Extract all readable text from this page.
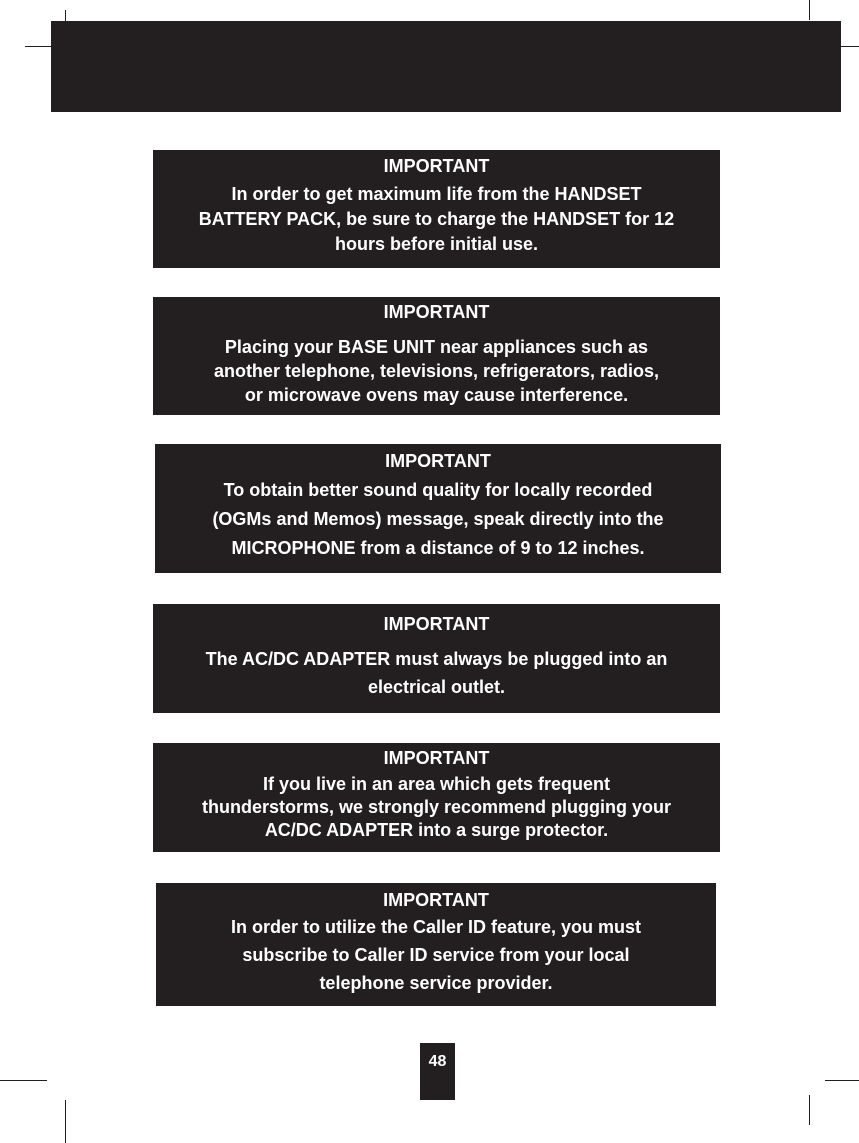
IMPORTANT
In order to get maximum life from the HANDSET
BATTERY PACK, be sure to charge the HANDSET for 12
hours before initial use.
IMPORTANT
Placing your BASE UNIT near appliances such as
another telephone, televisions, refrigerators, radios,
or microwave ovens may cause interference.
IMPORTANT
To obtain better sound quality for locally recorded
(OGMs and Memos) message, speak directly into the
MICROPHONE from a distance of 9 to 12 inches.
IMPORTANT
The AC/DC ADAPTER must always be plugged into an
electrical outlet.
IMPORTANT
If you live in an area which gets frequent
thunderstorms, we strongly recommend plugging your
AC/DC ADAPTER into a surge protector.
IMPORTANT
In order to utilize the Caller ID feature, you must
subscribe to Caller ID service from your local
telephone service provider.
48
